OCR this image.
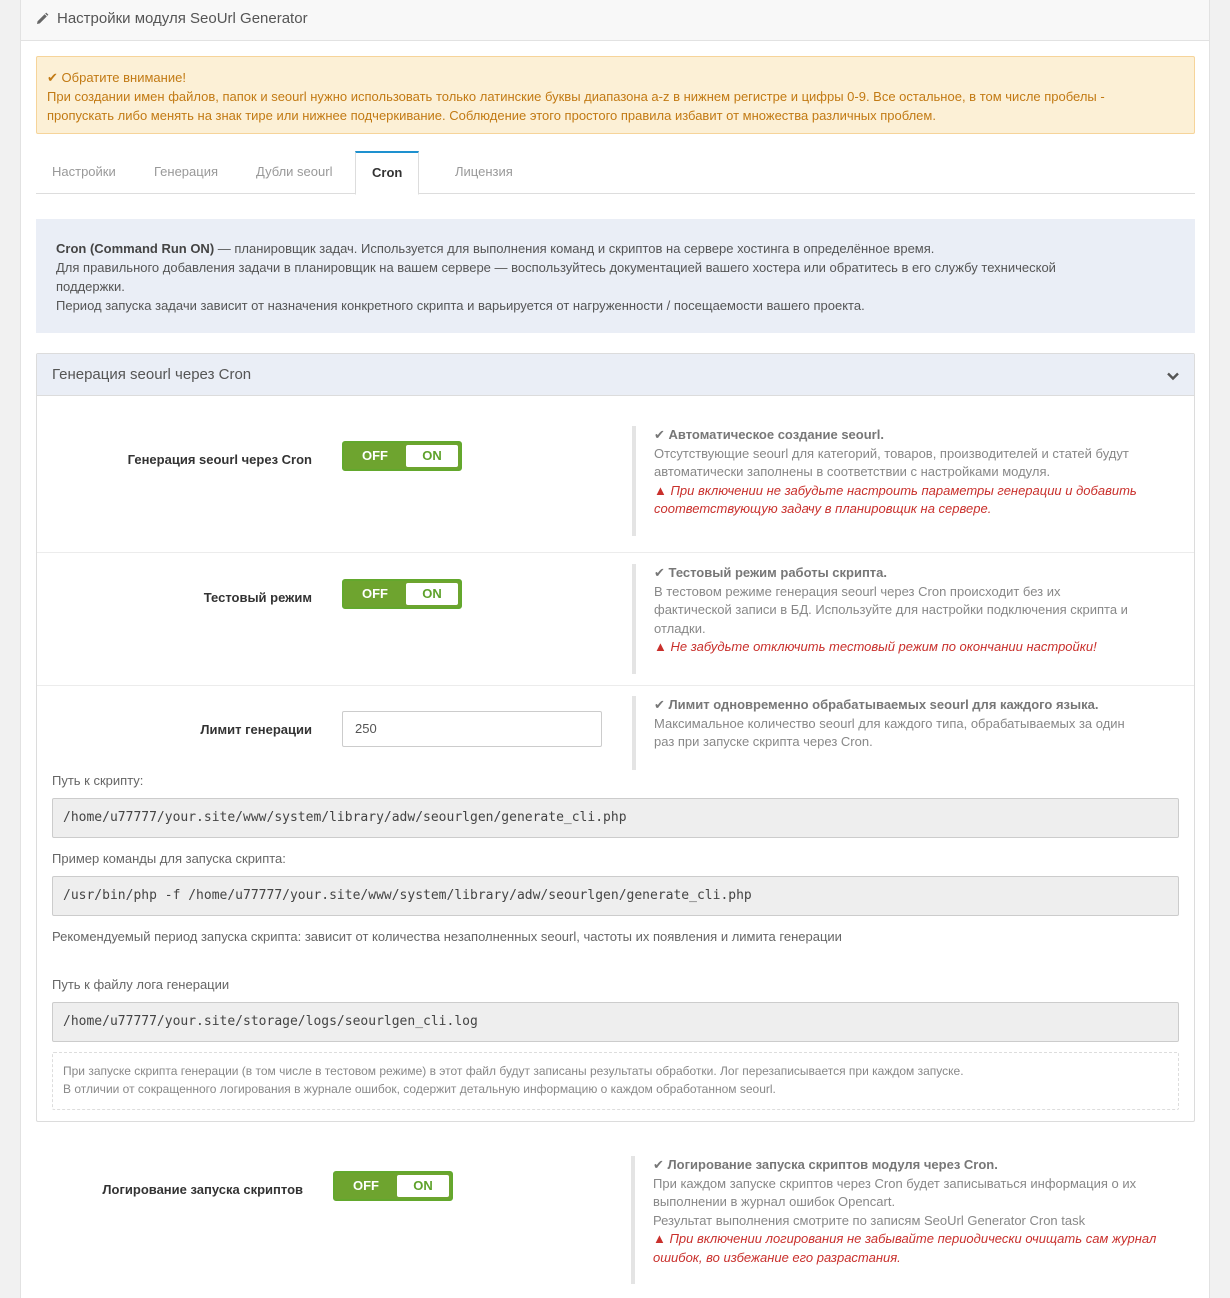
Настройки модуля SeoUrl Generator
✔ Обратите внимание!
При создании имен файлов, папок и seourl нужно использовать только латинские буквы диапазона a-z в нижнем регистре и цифры 0-9. Все остальное, в том числе пробелы -
пропускать либо менять на знак тире или нижнее подчеркивание. Соблюдение этого простого правила избавит от множества различных проблем.
Настройки	Генерация	Дубли seourl	Cron	Лицензия
Cron (Command Run ON) — планировщик задач. Используется для выполнения команд и скриптов на сервере хостинга в определённое время.
Для правильного добавления задачи в планировщик на вашем сервере — воспользуйтесь документацией вашего хостера или обратитесь в его службу технической
поддержки.
Период запуска задачи зависит от назначения конкретного скрипта и варьируется от нагруженности / посещаемости вашего проекта.
Генерация seourl через Cron
Генерация seourl через Cron	OFF	ON
✔ Автоматическое создание seourl.
Отсутствующие seourl для категорий, товаров, производителей и статей будут
автоматически заполнены в соответствии с настройками модуля.
▲ При включении не забудьте настроить параметры генерации и добавить
соответствующую задачу в планировщик на сервере.
Тестовый режим	OFF	ON
✔ Тестовый режим работы скрипта.
В тестовом режиме генерация seourl через Cron происходит без их
фактической записи в БД. Используйте для настройки подключения скрипта и
отладки.
▲ Не забудьте отключить тестовый режим по окончании настройки!
Лимит генерации	250
✔ Лимит одновременно обрабатываемых seourl для каждого языка.
Максимальное количество seourl для каждого типа, обрабатываемых за один
раз при запуске скрипта через Cron.
Путь к скрипту:
/home/u77777/your.site/www/system/library/adw/seourlgen/generate_cli.php
Пример команды для запуска скрипта:
/usr/bin/php -f /home/u77777/your.site/www/system/library/adw/seourlgen/generate_cli.php
Рекомендуемый период запуска скрипта: зависит от количества незаполненных seourl, частоты их появления и лимита генерации
Путь к файлу лога генерации
/home/u77777/your.site/storage/logs/seourlgen_cli.log
При запуске скрипта генерации (в том числе в тестовом режиме) в этот файл будут записаны результаты обработки. Лог перезаписывается при каждом запуске.
В отличии от сокращенного логирования в журнале ошибок, содержит детальную информацию о каждом обработанном seourl.
Логирование запуска скриптов	OFF	ON
✔ Логирование запуска скриптов модуля через Cron.
При каждом запуске скриптов через Cron будет записываться информация о их
выполнении в журнал ошибок Opencart.
Результат выполнения смотрите по записям SeoUrl Generator Cron task
▲ При включении логирования не забывайте периодически очищать сам журнал
ошибок, во избежание его разрастания.
